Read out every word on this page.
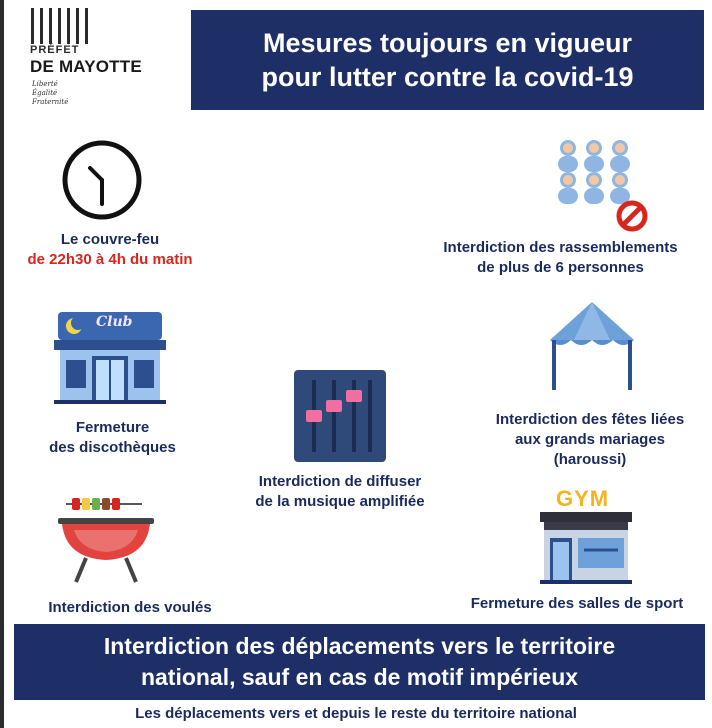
PRÉFET
DE MAYOTTE
Liberté
Égalité
Fraternité
Mesures toujours en vigueur
pour lutter contre la covid-19
Le couvre-feu
de 22h30 à 4h du matin
Interdiction des rassemblements
de plus de 6 personnes
Club
Fermeture
des discothèques
Interdiction de diffuser
de la musique amplifiée
Interdiction des fêtes liées
aux grands mariages
(haroussi)
Interdiction des voulés
GYM
Fermeture des salles de sport
Interdiction des déplacements vers le territoire
national, sauf en cas de motif impérieux
Les déplacements vers et depuis le reste du territoire national
